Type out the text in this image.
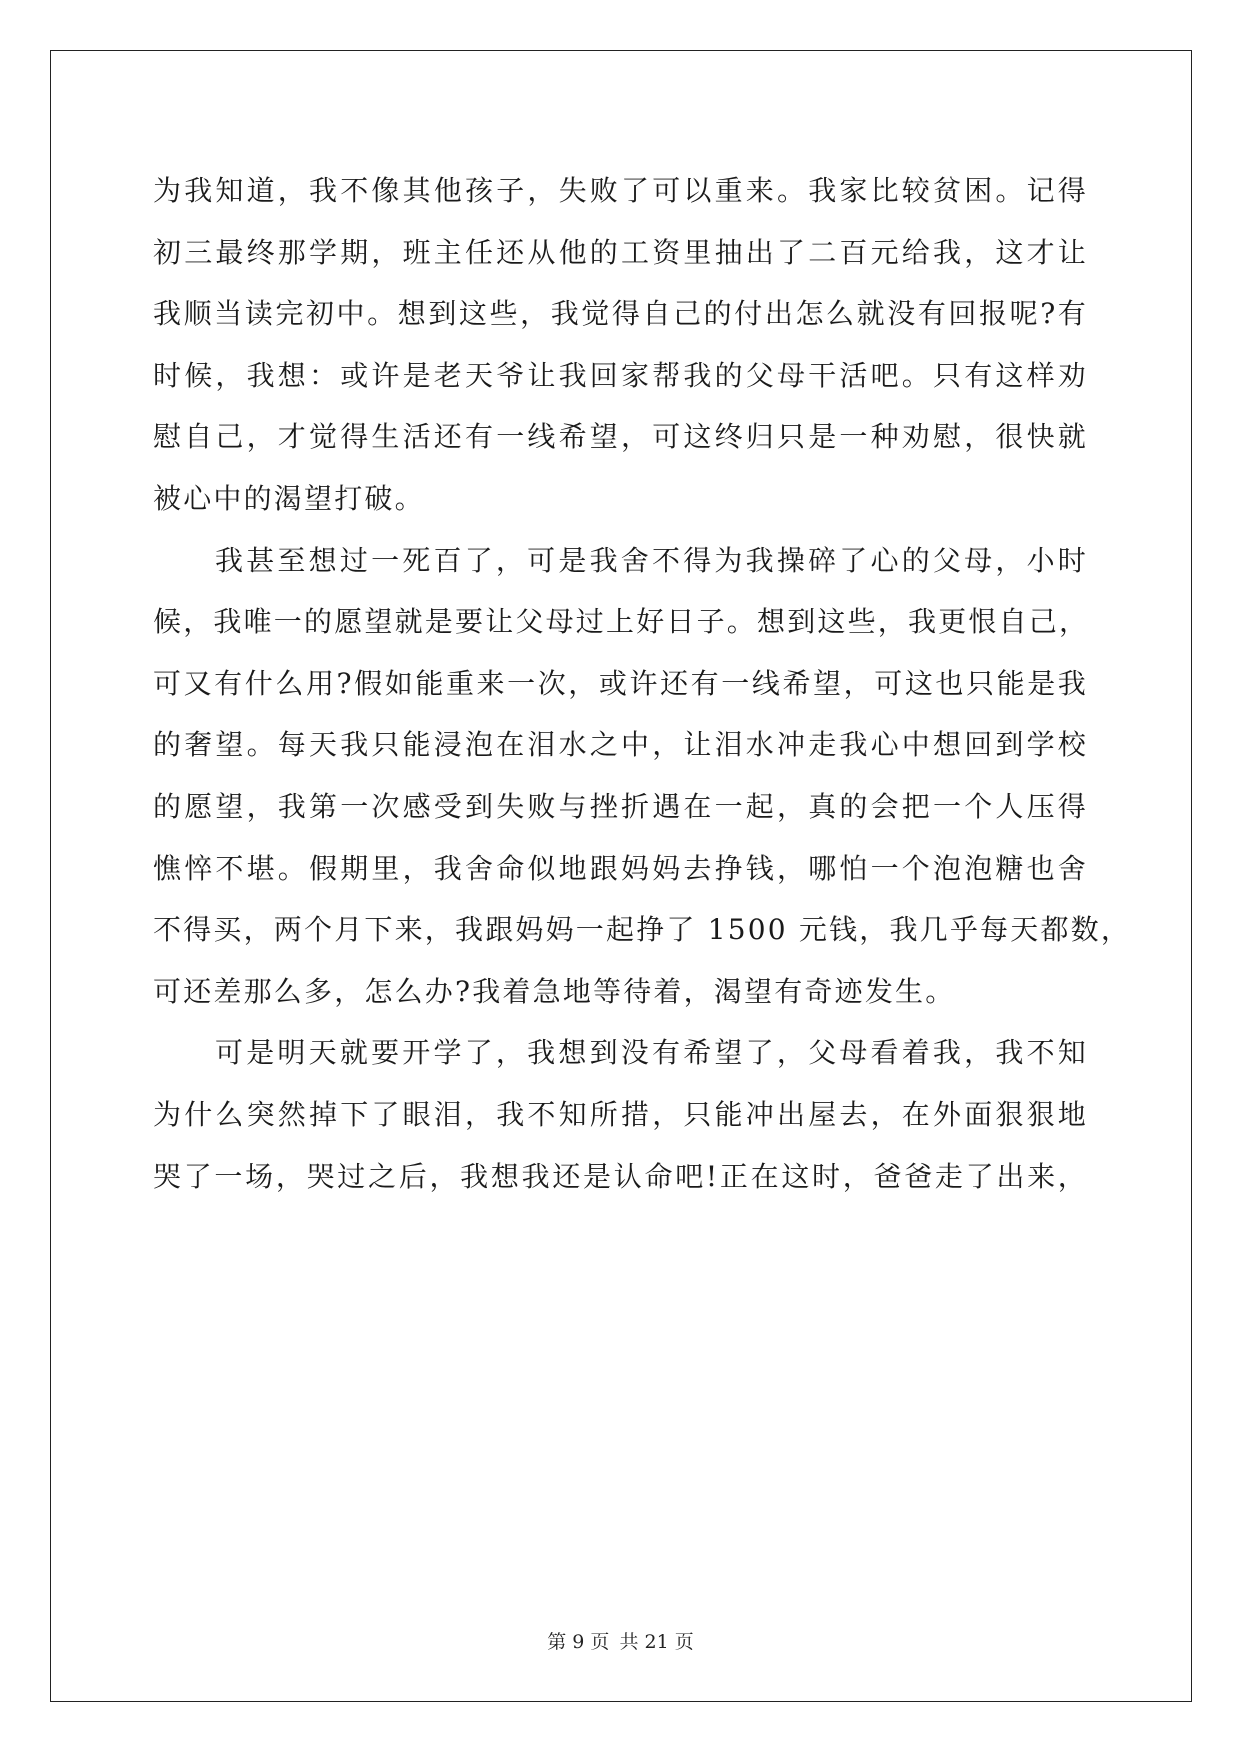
为我知道，我不像其他孩子，失败了可以重来。我家比较贫困。记得
初三最终那学期，班主任还从他的工资里抽出了二百元给我，这才让
我顺当读完初中。想到这些，我觉得自己的付出怎么就没有回报呢?有
时候，我想：或许是老天爷让我回家帮我的父母干活吧。只有这样劝
慰自己，才觉得生活还有一线希望，可这终归只是一种劝慰，很快就
被心中的渴望打破。
我甚至想过一死百了，可是我舍不得为我操碎了心的父母，小时
候，我唯一的愿望就是要让父母过上好日子。想到这些，我更恨自己，
可又有什么用?假如能重来一次，或许还有一线希望，可这也只能是我
的奢望。每天我只能浸泡在泪水之中，让泪水冲走我心中想回到学校
的愿望，我第一次感受到失败与挫折遇在一起，真的会把一个人压得
憔悴不堪。假期里，我舍命似地跟妈妈去挣钱，哪怕一个泡泡糖也舍
不得买，两个月下来，我跟妈妈一起挣了 1500 元钱，我几乎每天都数，
可还差那么多，怎么办?我着急地等待着，渴望有奇迹发生。
可是明天就要开学了，我想到没有希望了，父母看着我，我不知
为什么突然掉下了眼泪，我不知所措，只能冲出屋去，在外面狠狠地
哭了一场，哭过之后，我想我还是认命吧!正在这时，爸爸走了出来，
第 9 页 共 21 页
